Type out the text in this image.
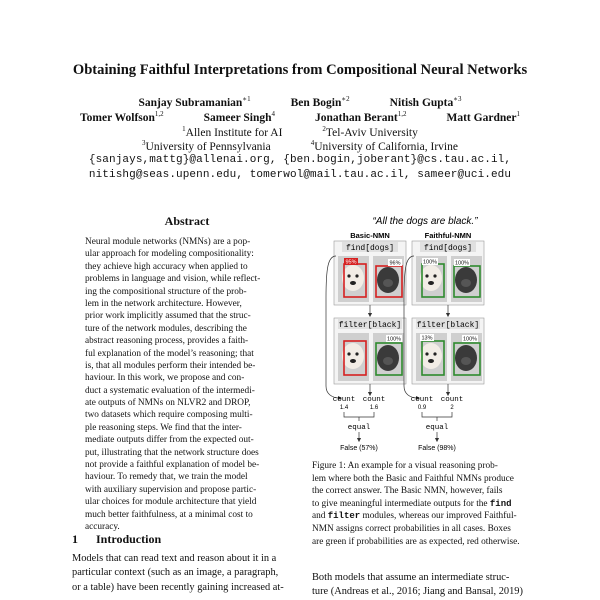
Obtaining Faithful Interpretations from Compositional Neural Networks
Sanjay Subramanian$^{∗1}$	Ben Bogin$^{∗2}$	Nitish Gupta$^{∗3}$
Tomer Wolfson$^{1,2}$	Sameer Singh$^4$	Jonathan Berant$^{1,2}$	Matt Gardner$^1$
$^1$Allen Institute for AI	$^2$Tel-Aviv University
$^3$University of Pennsylvania	$^4$University of California, Irvine
{sanjays,mattg}@allenai.org, {ben.bogin,joberant}@cs.tau.ac.il,
nitishg@seas.upenn.edu, tomerwol@mail.tau.ac.il, sameer@uci.edu
Abstract
Neural module networks (NMNs) are a pop-
ular approach for modeling compositionality:
they achieve high accuracy when applied to
problems in language and vision, while reflect-
ing the compositional structure of the prob-
lem in the network architecture. However,
prior work implicitly assumed that the struc-
ture of the network modules, describing the
abstract reasoning process, provides a faith-
ful explanation of the model’s reasoning; that
is, that all modules perform their intended be-
haviour. In this work, we propose and con-
duct a systematic evaluation of the intermedi-
ate outputs of NMNs on NLVR2 and DROP,
two datasets which require composing multi-
ple reasoning steps. We find that the inter-
mediate outputs differ from the expected out-
put, illustrating that the network structure does
not provide a faithful explanation of model be-
haviour. To remedy that, we train the model
with auxiliary supervision and propose partic-
ular choices for module architecture that yield
much better faithfulness, at a minimal cost to
accuracy.
1 Introduction
Models that can read text and reason about it in a
particular context (such as an image, a paragraph,
or a table) have been recently gaining increased at-
“All the dogs are black.”
Basic-NMN	Faithful-NMN
find[dogs]
95%	96%
find[dogs]
100%	100%
filter[black]
100%
filter[black]
13%	100%
count
1.4
count
1.6
count
0.9
count
2
equal	equal
False (57%)	False (98%)
Figure 1: An example for a visual reasoning prob-
lem where both the Basic and Faithful NMNs produce
the correct answer. The Basic NMN, however, fails
to give meaningful intermediate outputs for the find
and filter modules, whereas our improved Faithful-
NMN assigns correct probabilities in all cases. Boxes
are green if probabilities are as expected, red otherwise.
Both models that assume an intermediate struc-
ture (Andreas et al., 2016; Jiang and Bansal, 2019)
